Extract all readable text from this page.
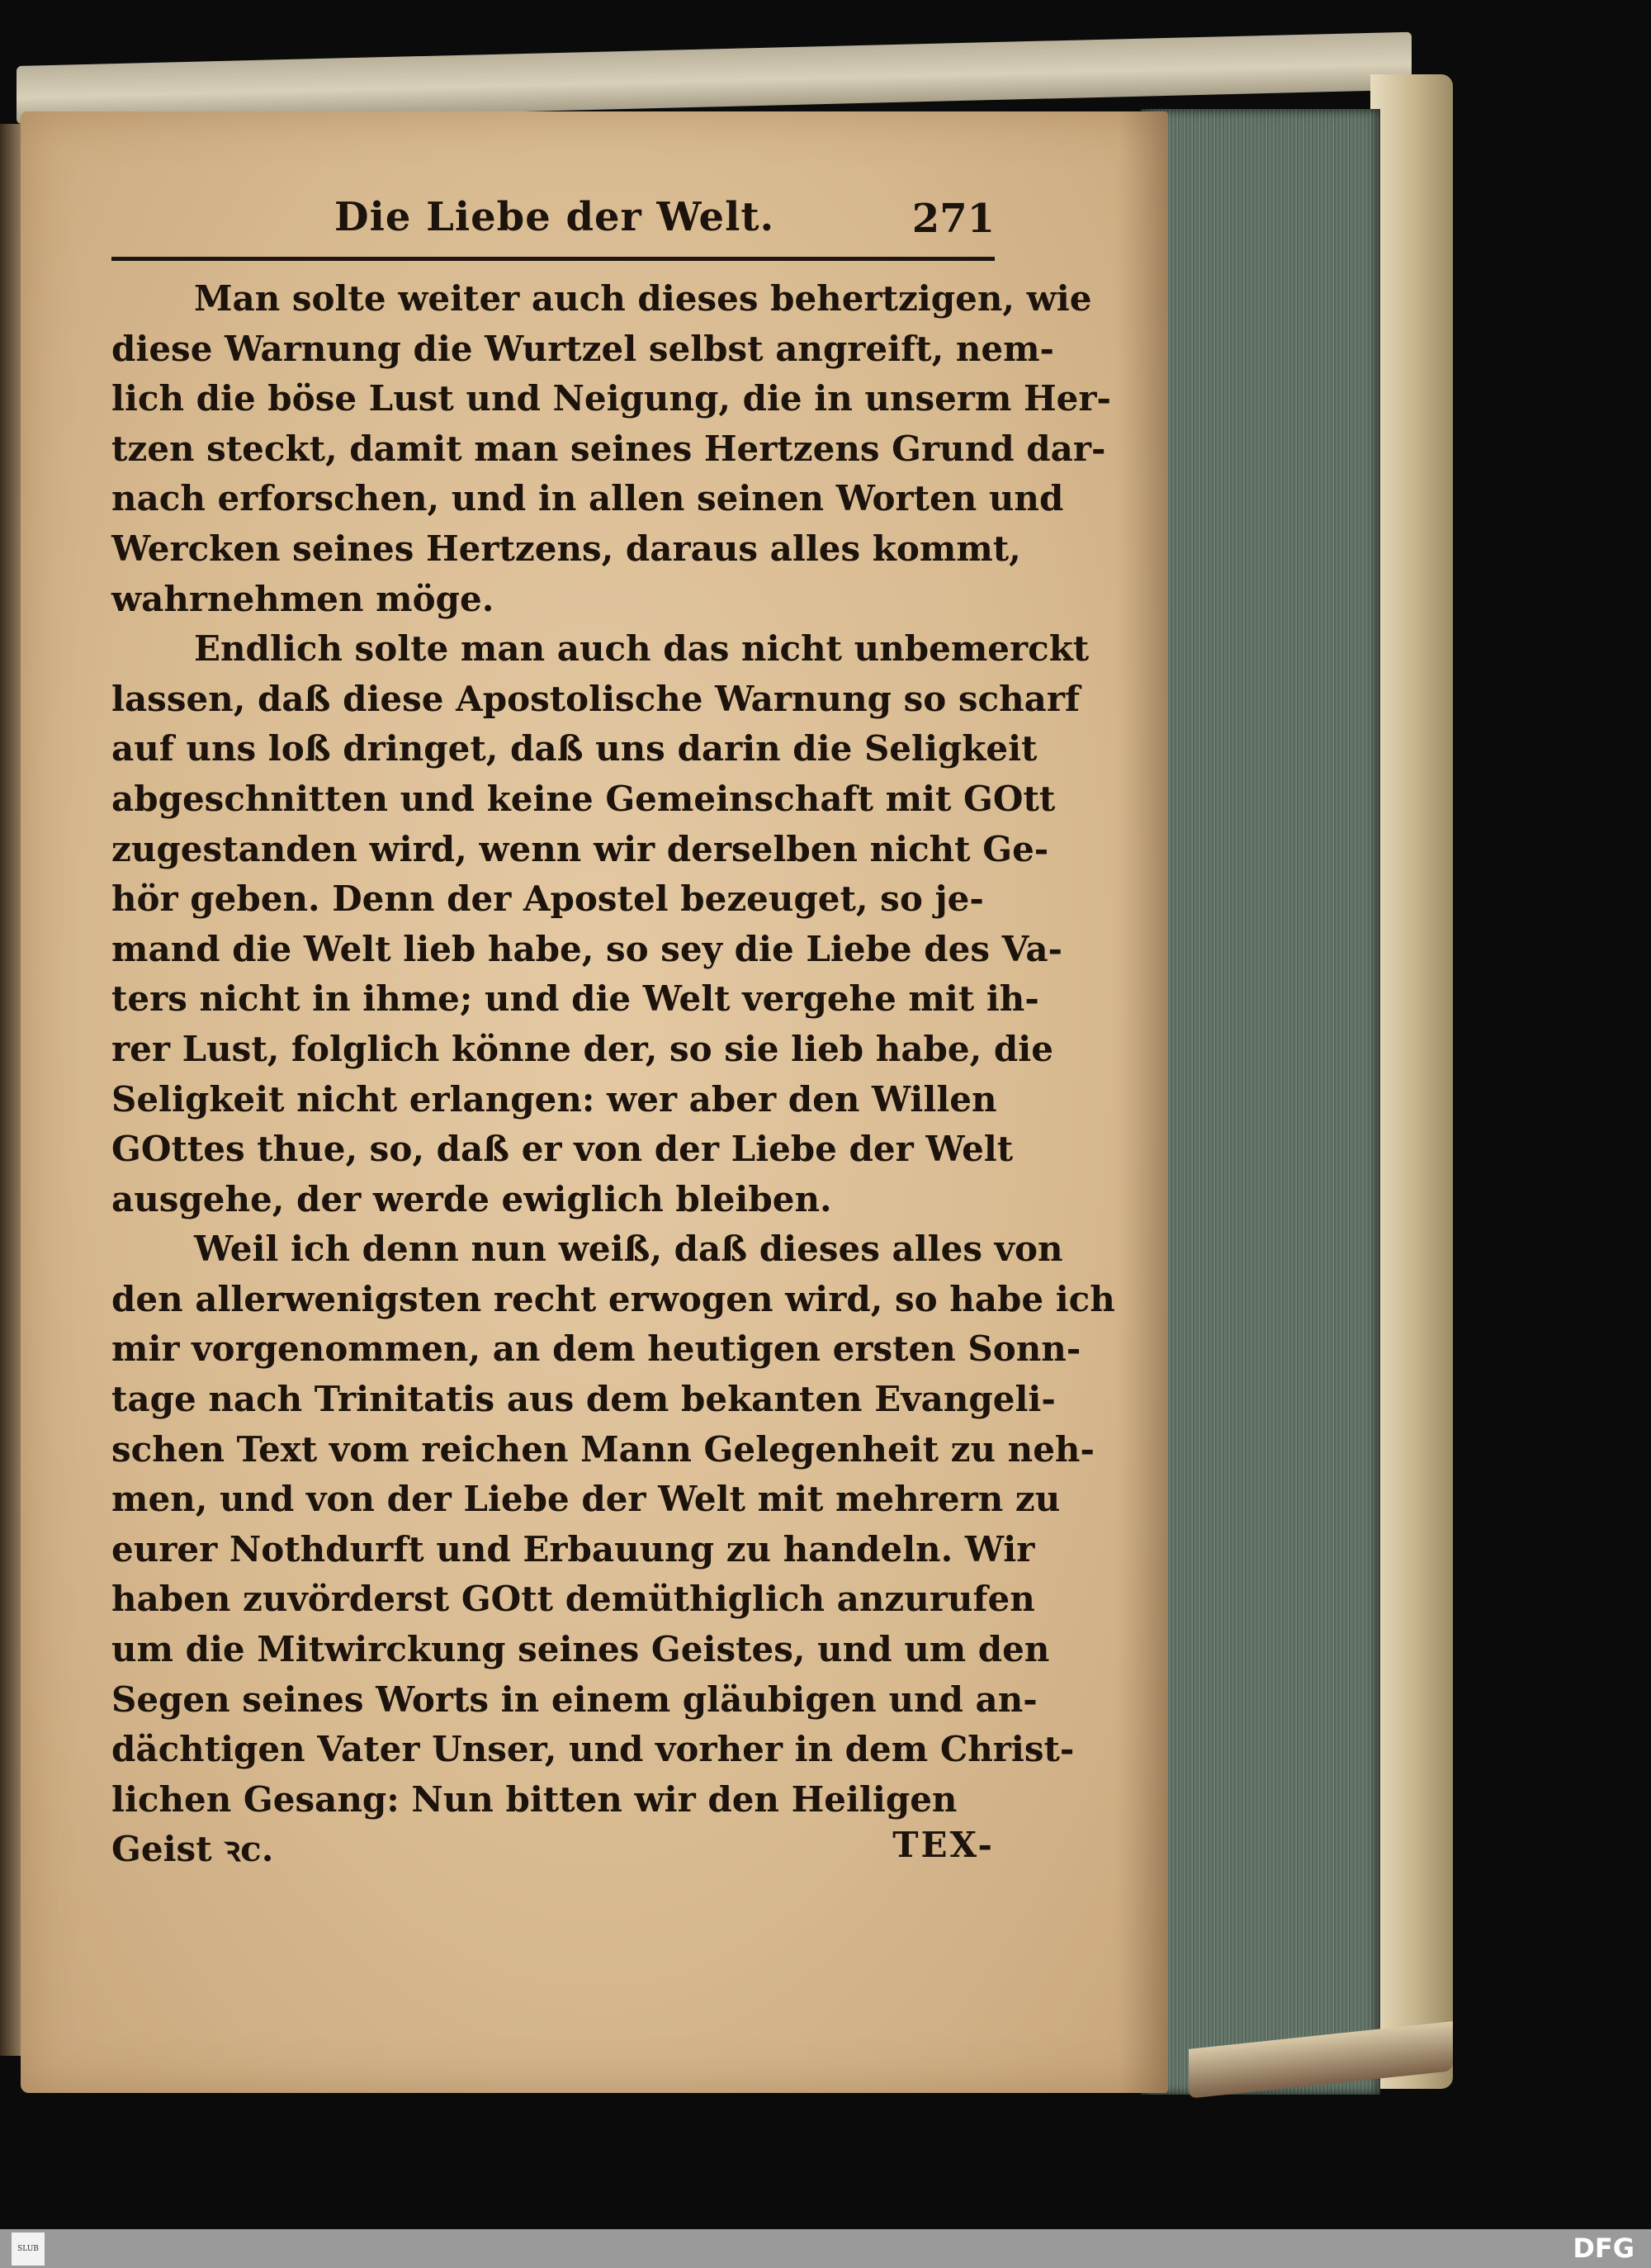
Die Liebe der Welt.	271

Man solte weiter auch dieses behertzigen, wie
diese Warnung die Wurtzel selbst angreift, nem-
lich die böse Lust und Neigung, die in unserm Her-
tzen steckt, damit man seines Hertzens Grund dar-
nach erforschen, und in allen seinen Worten und
Wercken seines Hertzens, daraus alles kommt,
wahrnehmen möge.

Endlich solte man auch das nicht unbemerckt
lassen, daß diese Apostolische Warnung so scharf
auf uns loß dringet, daß uns darin die Seligkeit
abgeschnitten und keine Gemeinschaft mit GOtt
zugestanden wird, wenn wir derselben nicht Ge-
hör geben. Denn der Apostel bezeuget, so je-
mand die Welt lieb habe, so sey die Liebe des Va-
ters nicht in ihme; und die Welt vergehe mit ih-
rer Lust, folglich könne der, so sie lieb habe, die
Seligkeit nicht erlangen: wer aber den Willen
GOttes thue, so, daß er von der Liebe der Welt
ausgehe, der werde ewiglich bleiben.

Weil ich denn nun weiß, daß dieses alles von
den allerwenigsten recht erwogen wird, so habe ich
mir vorgenommen, an dem heutigen ersten Sonn-
tage nach Trinitatis aus dem bekanten Evangeli-
schen Text vom reichen Mann Gelegenheit zu neh-
men, und von der Liebe der Welt mit mehrern zu
eurer Nothdurft und Erbauung zu handeln. Wir
haben zuvörderst GOtt demüthiglich anzurufen
um die Mitwirckung seines Geistes, und um den
Segen seines Worts in einem gläubigen und an-
dächtigen Vater Unser, und vorher in dem Christ-
lichen Gesang: Nun bitten wir den Heiligen

Geist ꝛc.	TEX-
SLUB	DFG
